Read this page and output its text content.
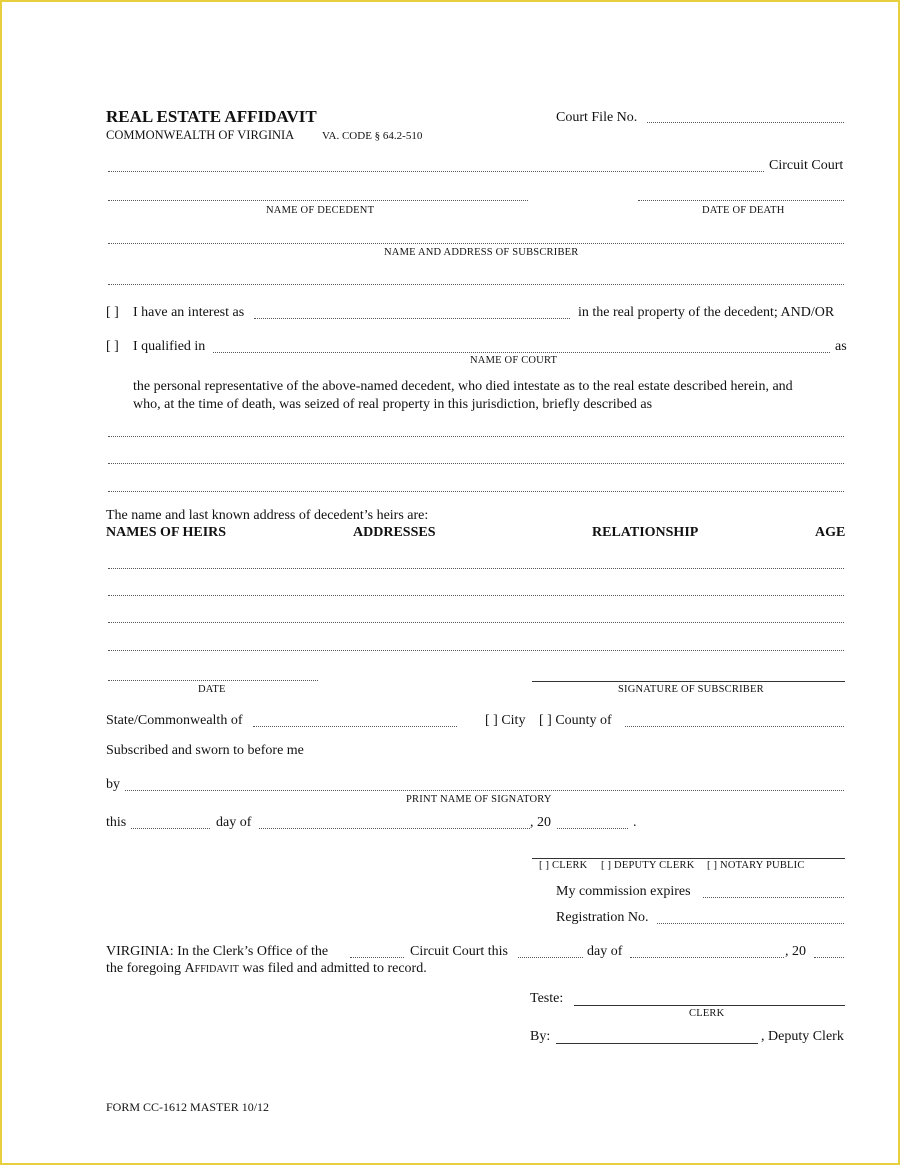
REAL ESTATE AFFIDAVIT
COMMONWEALTH OF VIRGINIA	VA. CODE § 64.2-510
Court File No.
Circuit Court
NAME OF DECEDENT	DATE OF DEATH
NAME AND ADDRESS OF SUBSCRIBER
[ ] I have an interest as	in the real property of the decedent; AND/OR
[ ] I qualified in	as
NAME OF COURT
the personal representative of the above-named decedent, who died intestate as to the real estate described herein, and
who, at the time of death, was seized of real property in this jurisdiction, briefly described as
The name and last known address of decedent’s heirs are:
NAMES OF HEIRS	ADDRESSES	RELATIONSHIP	AGE
DATE	SIGNATURE OF SUBSCRIBER
State/Commonwealth of	[ ] City [ ] County of
Subscribed and sworn to before me
by
PRINT NAME OF SIGNATORY
this	day of	, 20	.
[ ] CLERK [ ] DEPUTY CLERK [ ] NOTARY PUBLIC
My commission expires
Registration No.
VIRGINIA: In the Clerk’s Office of the	Circuit Court this	day of	, 20
the foregoing Affidavit was filed and admitted to record.
Teste:
CLERK
By:	, Deputy Clerk
FORM CC-1612 MASTER 10/12
